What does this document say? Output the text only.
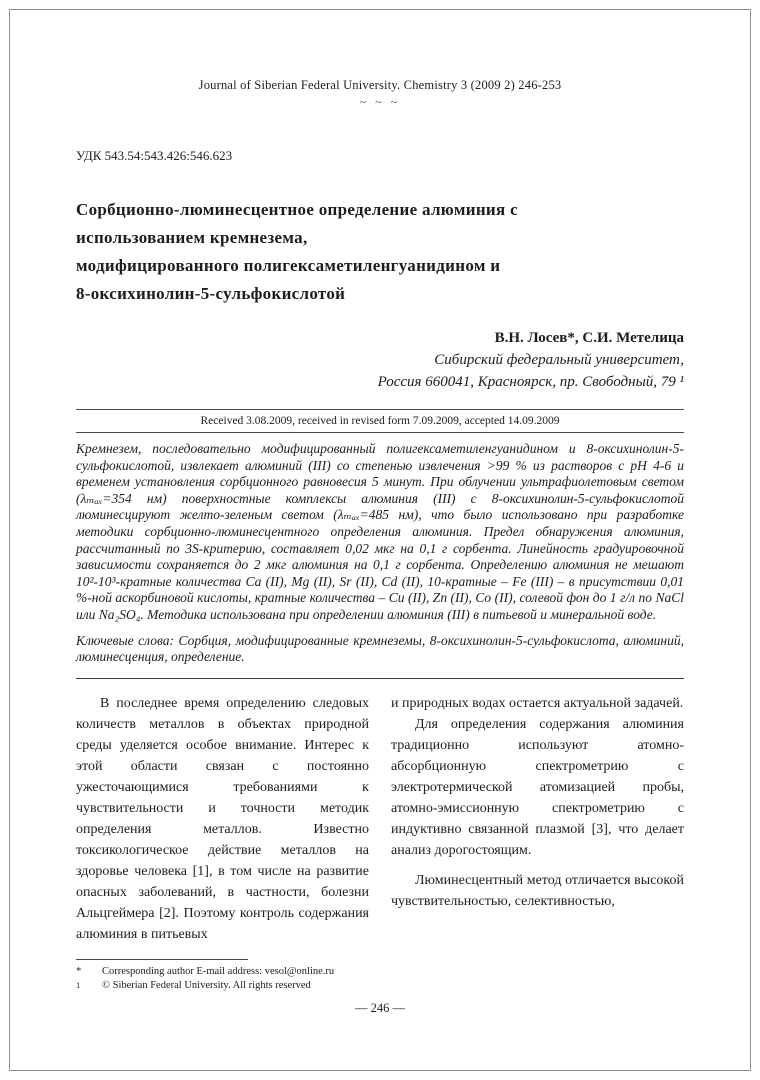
Journal of Siberian Federal University. Chemistry 3 (2009 2) 246-253
~ ~ ~
УДК 543.54:543.426:546.623
Сорбционно-люминесцентное определение алюминия с
использованием кремнезема,
модифицированного полигексаметиленгуанидином и
8-оксихинолин-5-сульфокислотой
В.Н. Лосев*, С.И. Метелица
Сибирский федеральный университет,
Россия 660041, Красноярск, пр. Свободный, 79 ¹
Received 3.08.2009, received in revised form 7.09.2009, accepted 14.09.2009
Кремнезем, последовательно модифицированный полигексаметиленгуанидином и 8-оксихинолин-5-сульфокислотой, извлекает алюминий (III) со степенью извлечения >99 % из растворов с pH 4-6 и временем установления сорбционного равновесия 5 минут. При облучении ультрафиолетовым светом (λₘₐₓ=354 нм) поверхностные комплексы алюминия (III) с 8-оксихинолин-5-сульфокислотой люминесцируют желто-зеленым светом (λₘₐₓ=485 нм), что было использовано при разработке методики сорбционно-люминесцентного определения алюминия. Предел обнаружения алюминия, рассчитанный по 3S-критерию, составляет 0,02 мкг на 0,1 г сорбента. Линейность градуировочной зависимости сохраняется до 2 мкг алюминия на 0,1 г сорбента. Определению алюминия не мешают 10²-10³-кратные количества Ca (II), Mg (II), Sr (II), Cd (II), 10-кратные – Fe (III) – в присутствии 0,01 %-ной аскорбиновой кислоты, кратные количества – Cu (II), Zn (II), Co (II), солевой фон до 1 г/л по NaCl или Na₂SO₄. Методика использована при определении алюминия (III) в питьевой и минеральной воде.
Ключевые слова: Сорбция, модифицированные кремнеземы, 8-оксихинолин-5-сульфокислота, алюминий, люминесценция, определение.

В последнее время определению следовых количеств металлов в объектах природной среды уделяется особое внимание. Интерес к этой области связан с постоянно ужесточающимися требованиями к чувствительности и точности методик определения металлов. Известно токсикологическое действие металлов на здоровье человека [1], в том числе на развитие опасных заболеваний, в частности, болезни Альцгеймера [2]. Поэтому контроль содержания алюминия в питьевых

и природных водах остается актуальной задачей.

Для определения содержания алюминия традиционно используют атомно-абсорбционную спектрометрию с электротермической атомизацией пробы, атомно-эмиссионную спектрометрию с индуктивно связанной плазмой [3], что делает анализ дорогостоящим.

Люминесцентный метод отличается высокой чувствительностью, селективностью,

*	Corresponding author E-mail address: vesol@online.ru
1	© Siberian Federal University. All rights reserved
— 246 —
